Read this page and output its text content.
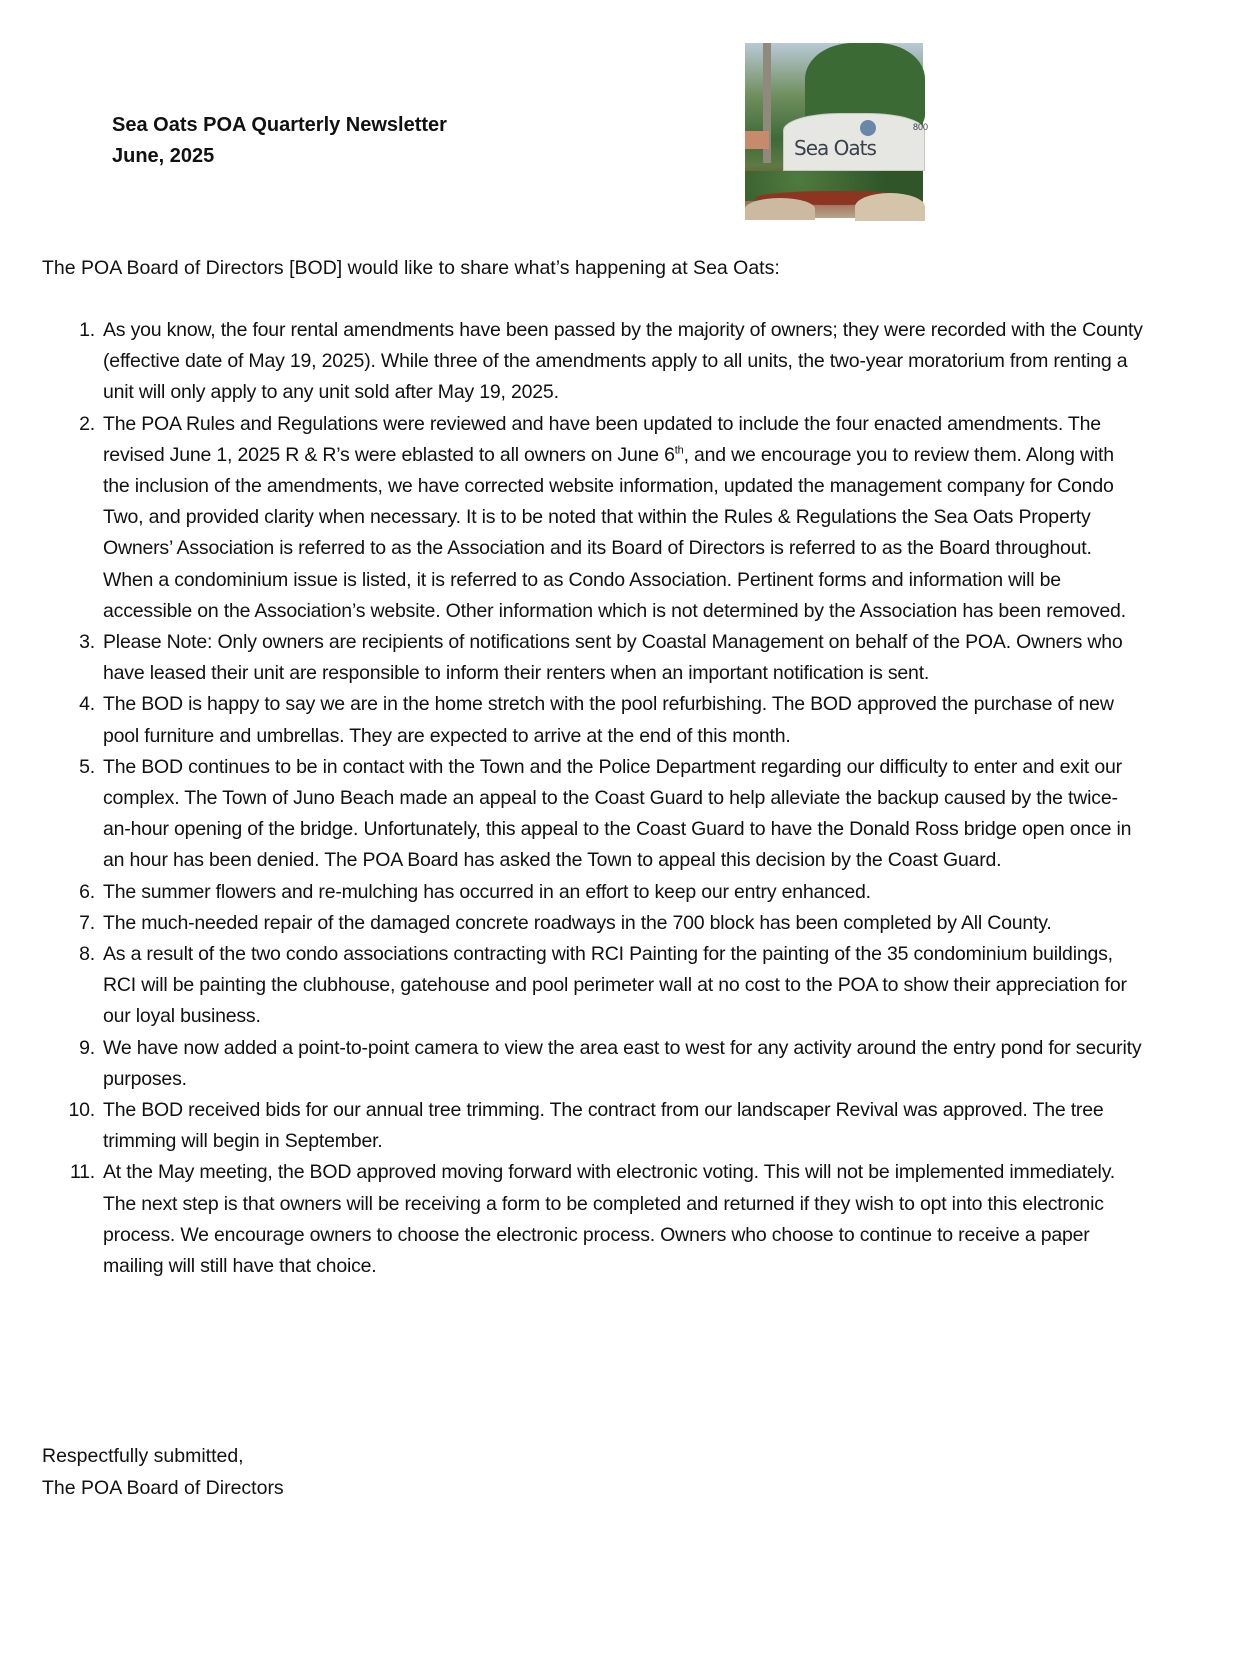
Sea Oats POA Quarterly Newsletter
June, 2025	Sea Oats
800
The POA Board of Directors [BOD] would like to share what’s happening at Sea Oats:
1. As you know, the four rental amendments have been passed by the majority of owners; they were recorded with the County (effective date of May 19, 2025). While three of the amendments apply to all units, the two-year moratorium from renting a unit will only apply to any unit sold after May 19, 2025.
2. The POA Rules and Regulations were reviewed and have been updated to include the four enacted amendments. The revised June 1, 2025 R & R’s were eblasted to all owners on June 6th, and we encourage you to review them. Along with the inclusion of the amendments, we have corrected website information, updated the management company for Condo Two, and provided clarity when necessary. It is to be noted that within the Rules & Regulations the Sea Oats Property Owners’ Association is referred to as the Association and its Board of Directors is referred to as the Board throughout. When a condominium issue is listed, it is referred to as Condo Association. Pertinent forms and information will be accessible on the Association’s website. Other information which is not determined by the Association has been removed.
3. Please Note: Only owners are recipients of notifications sent by Coastal Management on behalf of the POA. Owners who have leased their unit are responsible to inform their renters when an important notification is sent.
4. The BOD is happy to say we are in the home stretch with the pool refurbishing. The BOD approved the purchase of new pool furniture and umbrellas. They are expected to arrive at the end of this month.
5. The BOD continues to be in contact with the Town and the Police Department regarding our difficulty to enter and exit our complex. The Town of Juno Beach made an appeal to the Coast Guard to help alleviate the backup caused by the twice-an-hour opening of the bridge. Unfortunately, this appeal to the Coast Guard to have the Donald Ross bridge open once in an hour has been denied. The POA Board has asked the Town to appeal this decision by the Coast Guard.
6. The summer flowers and re-mulching has occurred in an effort to keep our entry enhanced.
7. The much-needed repair of the damaged concrete roadways in the 700 block has been completed by All County.
8. As a result of the two condo associations contracting with RCI Painting for the painting of the 35 condominium buildings, RCI will be painting the clubhouse, gatehouse and pool perimeter wall at no cost to the POA to show their appreciation for our loyal business.
9. We have now added a point-to-point camera to view the area east to west for any activity around the entry pond for security purposes.
10. The BOD received bids for our annual tree trimming. The contract from our landscaper Revival was approved. The tree trimming will begin in September.
11. At the May meeting, the BOD approved moving forward with electronic voting. This will not be implemented immediately. The next step is that owners will be receiving a form to be completed and returned if they wish to opt into this electronic process. We encourage owners to choose the electronic process. Owners who choose to continue to receive a paper mailing will still have that choice.
Respectfully submitted,
The POA Board of Directors
